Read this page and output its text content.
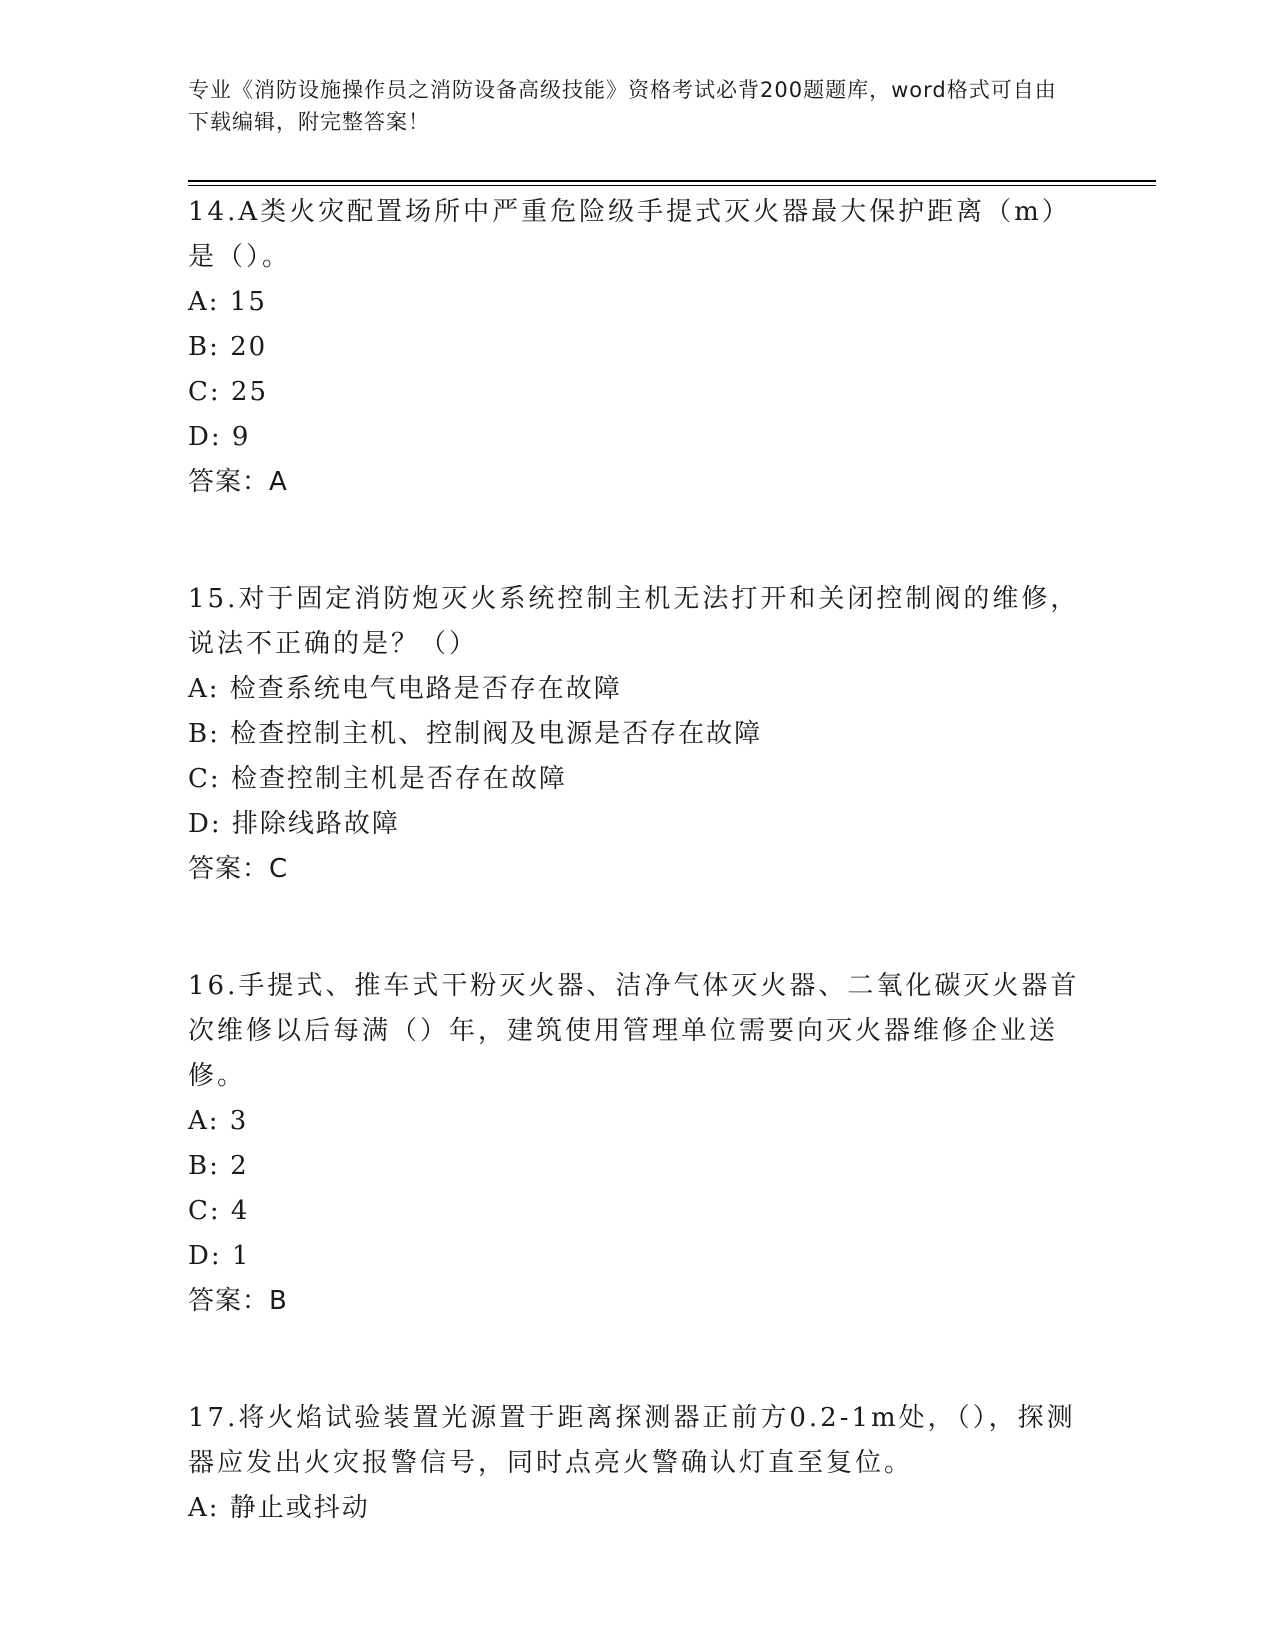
专业《消防设施操作员之消防设备高级技能》资格考试必背200题题库，word格式可自由下载编辑，附完整答案！
14.A类火灾配置场所中严重危险级手提式灭火器最大保护距离（m）是（）。
A: 15
B: 20
C: 25
D: 9
答案：A
15.对于固定消防炮灭火系统控制主机无法打开和关闭控制阀的维修，说法不正确的是？（）
A: 检查系统电气电路是否存在故障
B: 检查控制主机、控制阀及电源是否存在故障
C: 检查控制主机是否存在故障
D: 排除线路故障
答案：C
16.手提式、推车式干粉灭火器、洁净气体灭火器、二氧化碳灭火器首次维修以后每满（）年，建筑使用管理单位需要向灭火器维修企业送修。
A: 3
B: 2
C: 4
D: 1
答案：B
17.将火焰试验装置光源置于距离探测器正前方0.2-1m处，（），探测器应发出火灾报警信号，同时点亮火警确认灯直至复位。
A: 静止或抖动
